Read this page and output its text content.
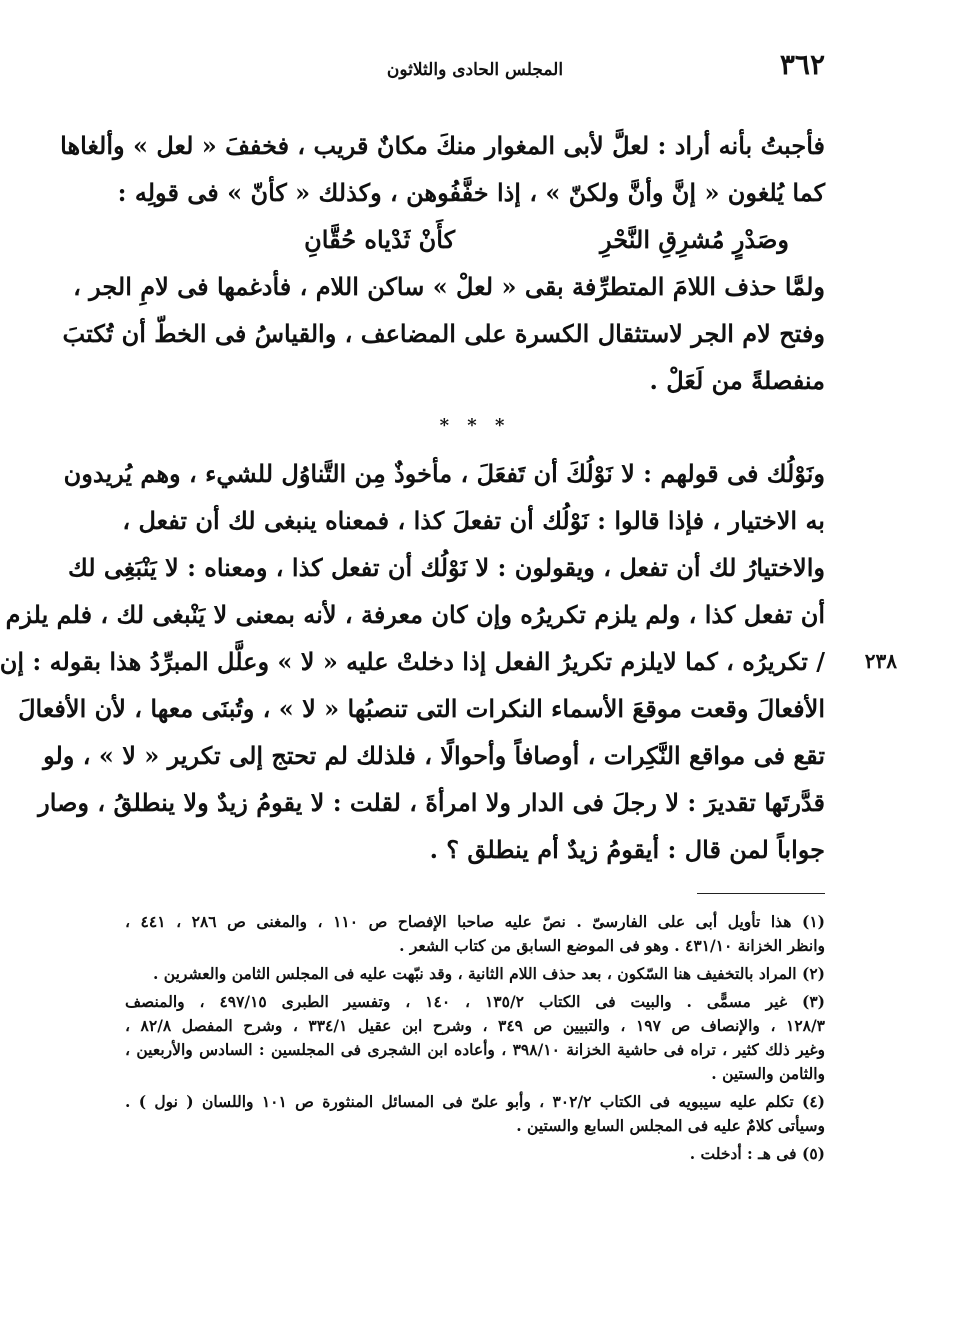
٣٦٢
المجلس الحادى والثلاثون
فأجبتُ بأنه أراد : لعلَّ لأبى المغوار منكَ مكانٌ قريب ، فخففَ « لعل » وألغاها
كما يُلغون « إنَّ وأنَّ ولكنّ » ، إذا خفَّفُوهن ، وكذلك « كأنّ » فى قولِه :
وصَدْرٍ مُشرِقِ النَّحْرِ
كأَنْ ثَدْياه حُقَّانِ
ولمَّا حذف اللامَ المتطرِّفة بقى « لعلْ » ساكن اللام ، فأدغمها فى لامِ الجر ،
وفتح لام الجر لاستثقال الكسرة على المضاعف ، والقياسُ فى الخطّ أن تُكتبَ
منفصلةً من لَعَلْ .
* * *
ونَوْلُك فى قولهم : لا نَوْلُكَ أن تَفعَلَ ، مأخوذٌ مِن التَّناوُل للشيء ، وهم يُريدون
به الاختيار ، فإذا قالوا : نَوْلُك أن تفعلَ كذا ، فمعناه ينبغى لك أن تفعل ،
والاختيارُ لك أن تفعل ، ويقولون : لا نَوْلُك أن تفعل كذا ، ومعناه : لا يَنْبَغِى لك
أن تفعل كذا ، ولم يلزم تكريرُه وإن كان معرفة ، لأنه بمعنى لا يَنْبغى لك ، فلم يلزم
/ تكريرُه ، كما لايلزم تكريرُ الفعل إذا دخلتْ عليه « لا » وعلَّل المبرِّدُ هذا بقوله : إن ٢٣٨
الأفعالَ وقعت موقعَ الأسماء النكرات التى تنصبُها « لا » ، وتُبنَى معها ، لأن الأفعالَ
تقع فى مواقع النَّكِرات ، أوصافاً وأحوالًا ، فلذلك لم تحتج إلى تكرير « لا » ، ولو
قدَّرتَها تقديرَ : لا رجلَ فى الدار ولا امرأةَ ، لقلت : لا يقومُ زيدٌ ولا ينطلقُ ، وصار
جواباً لمن قال : أيقومُ زيدٌ أم ينطلق ؟ .
(١) هذا تأويل أبى على الفارسىّ . نصّ عليه صاحبا الإفصاح ص ١١٠ ، والمغنى ص ٢٨٦ ، ٤٤١ ،
وانظر الخزانة ٤٣١/١٠ . وهو فى الموضع السابق من كتاب الشعر .
(٢) المراد بالتخفيف هنا السّكون ، بعد حذف اللام الثانية ، وقد نبّهت عليه فى المجلس الثامن والعشرين .
(٣) غير مسمًّى . والبيت فى الكتاب ١٣٥/٢ ، ١٤٠ ، وتفسير الطبرى ٤٩٧/١٥ ، والمنصف
١٢٨/٣ ، والإنصاف ص ١٩٧ ، والتبيين ص ٣٤٩ ، وشرح ابن عقيل ٣٣٤/١ ، وشرح المفصل ٨٢/٨ ،
وغير ذلك كثير ، تراه فى حاشية الخزانة ٣٩٨/١٠ ، وأعاده ابن الشجرى فى المجلسين : السادس والأربعين ،
والثامن والستين .
(٤) تكلم عليه سيبويه فى الكتاب ٣٠٢/٢ ، وأبو علىّ فى المسائل المنثورة ص ١٠١ واللسان ( نول ) .
وسيأتى كلامٌ عليه فى المجلس السابع والستين .
(٥) فى هـ : أدخلت .
